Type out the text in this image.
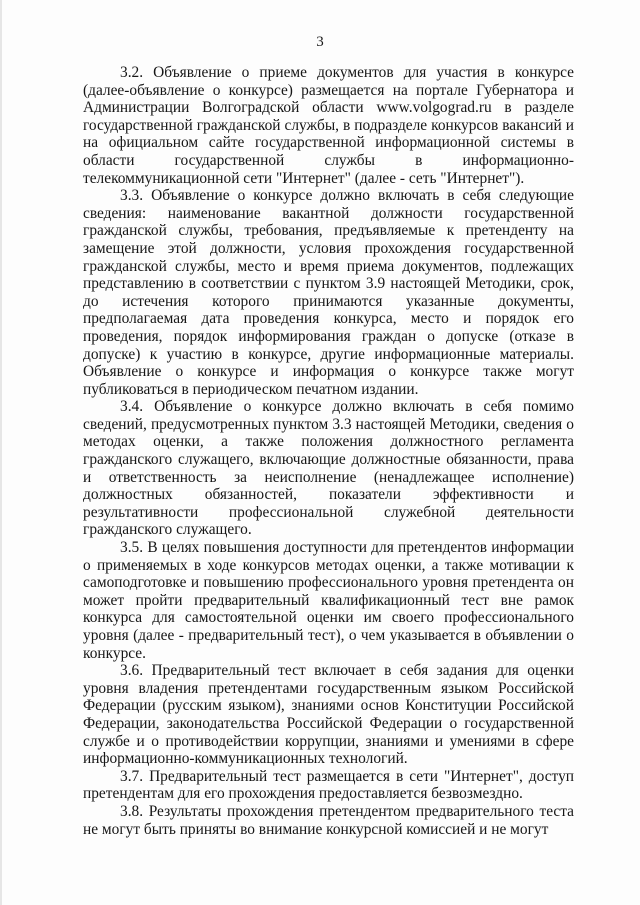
3

3.2. Объявление о приеме документов для участия в конкурсе (далее-объявление о конкурсе) размещается на портале Губернатора и Администрации Волгоградской области www.volgograd.ru в разделе государственной гражданской службы, в подразделе конкурсов вакансий и на официальном сайте государственной информационной системы в области государственной службы в информационно-телекоммуникационной сети "Интернет" (далее - сеть "Интернет").

3.3. Объявление о конкурсе должно включать в себя следующие сведения: наименование вакантной должности государственной гражданской службы, требования, предъявляемые к претенденту на замещение этой должности, условия прохождения государственной гражданской службы, место и время приема документов, подлежащих представлению в соответствии с пунктом 3.9 настоящей Методики, срок, до истечения которого принимаются указанные документы, предполагаемая дата проведения конкурса, место и порядок его проведения, порядок информирования граждан о допуске (отказе в допуске) к участию в конкурсе, другие информационные материалы. Объявление о конкурсе и информация о конкурсе также могут публиковаться в периодическом печатном издании.

3.4. Объявление о конкурсе должно включать в себя помимо сведений, предусмотренных пунктом 3.3 настоящей Методики, сведения о методах оценки, а также положения должностного регламента гражданского служащего, включающие должностные обязанности, права и ответственность за неисполнение (ненадлежащее исполнение) должностных обязанностей, показатели эффективности и результативности профессиональной служебной деятельности гражданского служащего.

3.5. В целях повышения доступности для претендентов информации о применяемых в ходе конкурсов методах оценки, а также мотивации к самоподготовке и повышению профессионального уровня претендента он может пройти предварительный квалификационный тест вне рамок конкурса для самостоятельной оценки им своего профессионального уровня (далее - предварительный тест), о чем указывается в объявлении о конкурсе.

3.6. Предварительный тест включает в себя задания для оценки уровня владения претендентами государственным языком Российской Федерации (русским языком), знаниями основ Конституции Российской Федерации, законодательства Российской Федерации о государственной службе и о противодействии коррупции, знаниями и умениями в сфере информационно-коммуникационных технологий.

3.7. Предварительный тест размещается в сети "Интернет", доступ претендентам для его прохождения предоставляется безвозмездно.

3.8. Результаты прохождения претендентом предварительного теста не могут быть приняты во внимание конкурсной комиссией и не могут
